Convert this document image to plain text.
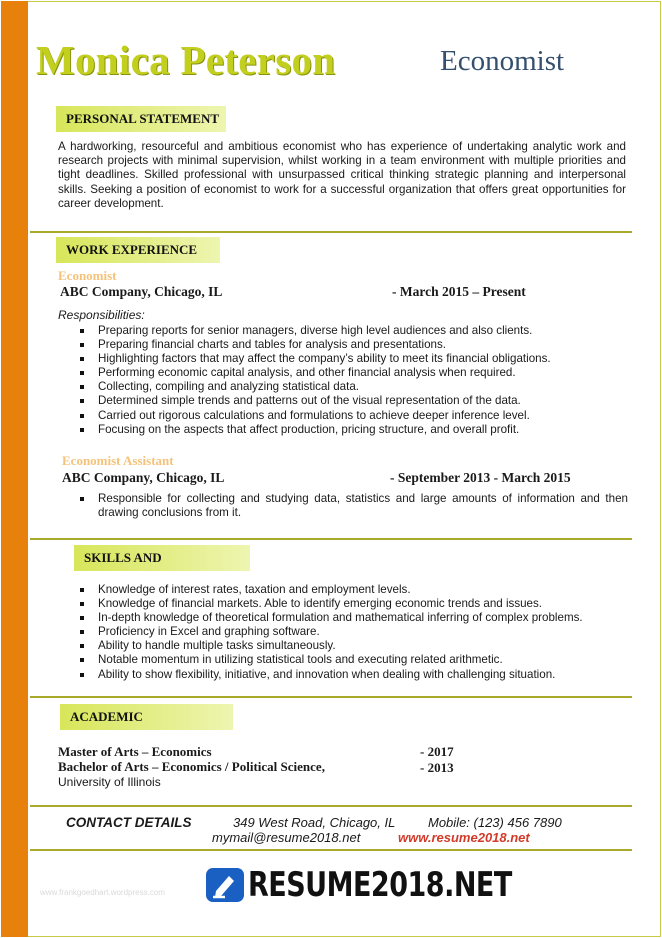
Monica Peterson	Economist
PERSONAL STATEMENT
A hardworking, resourceful and ambitious economist who has experience of undertaking analytic work and research projects with minimal supervision, whilst working in a team environment with multiple priorities and tight deadlines. Skilled professional with unsurpassed critical thinking strategic planning and interpersonal skills. Seeking a position of economist to work for a successful organization that offers great opportunities for career development.
WORK EXPERIENCE
Economist
ABC Company, Chicago, IL	- March 2015 – Present
Responsibilities:
Preparing reports for senior managers, diverse high level audiences and also clients.
Preparing financial charts and tables for analysis and presentations.
Highlighting factors that may affect the company’s ability to meet its financial obligations.
Performing economic capital analysis, and other financial analysis when required.
Collecting, compiling and analyzing statistical data.
Determined simple trends and patterns out of the visual representation of the data.
Carried out rigorous calculations and formulations to achieve deeper inference level.
Focusing on the aspects that affect production, pricing structure, and overall profit.
Economist Assistant
ABC Company, Chicago, IL	- September 2013 - March 2015
Responsible for collecting and studying data, statistics and large amounts of information and then drawing conclusions from it.
SKILLS AND
Knowledge of interest rates, taxation and employment levels.
Knowledge of financial markets. Able to identify emerging economic trends and issues.
In-depth knowledge of theoretical formulation and mathematical inferring of complex problems.
Proficiency in Excel and graphing software.
Ability to handle multiple tasks simultaneously.
Notable momentum in utilizing statistical tools and executing related arithmetic.
Ability to show flexibility, initiative, and innovation when dealing with challenging situation.
ACADEMIC
Master of Arts – Economics	- 2017
Bachelor of Arts – Economics / Political Science,	- 2013
University of Illinois
CONTACT DETAILS	349 West Road, Chicago, IL	Mobile: (123) 456 7890
mymail@resume2018.net	www.resume2018.net
www.frankgoedhart.wordpress.com	RESUME2018.NET
